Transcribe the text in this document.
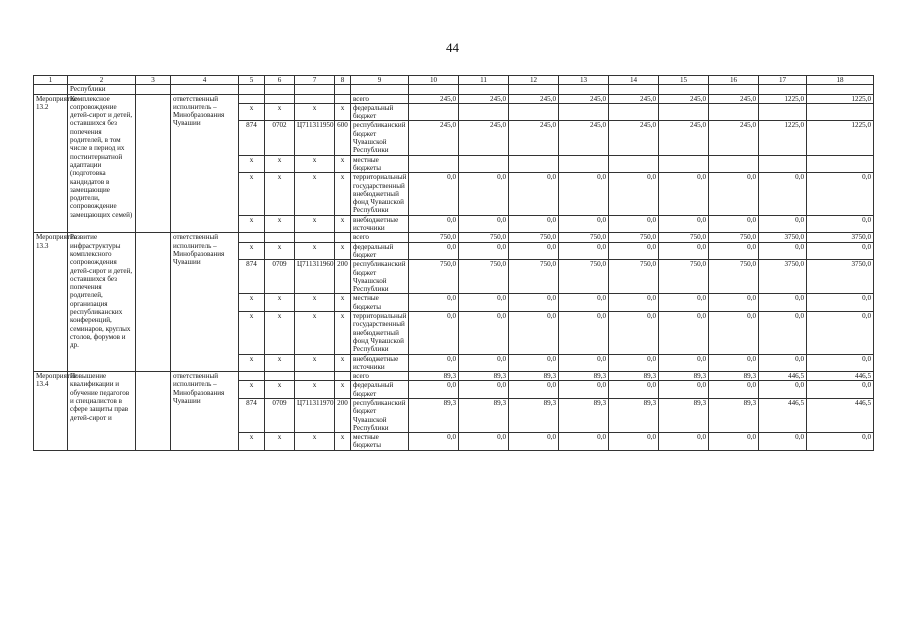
44
1	2	3	4	5	6	7	8	9	10	11	12	13	14	15	16	17	18
	Республики																
Мероприятие 13.2	Комплексное сопровождение детей-сирот и детей, оставшихся без попечения родителей, в том числе в период их постинтернатной адаптации (подготовка кандидатов в замещающие родители, сопровождение замещающих семей)		ответственный исполнитель – Минобразования Чувашии					всего	245,0	245,0	245,0	245,0	245,0	245,0	245,0	1225,0	1225,0
				x	x	x	x	федеральный бюджет									
				874	0702	Ц711311950	600	республиканский бюджет Чувашской Республики	245,0	245,0	245,0	245,0	245,0	245,0	245,0	1225,0	1225,0
				x	x	x	x	местные бюджеты									
				x	x	x	x	территориальный государственный внебюджетный фонд Чувашской Республики	0,0	0,0	0,0	0,0	0,0	0,0	0,0	0,0	0,0
				x	x	x	x	внебюджетные источники	0,0	0,0	0,0	0,0	0,0	0,0	0,0	0,0	0,0
Мероприятие 13.3	Развитие инфраструктуры комплексного сопровождения детей-сирот и детей, оставшихся без попечения родителей, организация республиканских конференций, семинаров, круглых столов, форумов и др.		ответственный исполнитель – Минобразования Чувашии					всего	750,0	750,0	750,0	750,0	750,0	750,0	750,0	3750,0	3750,0
				x	x	x	x	федеральный бюджет	0,0	0,0	0,0	0,0	0,0	0,0	0,0	0,0	0,0
				874	0709	Ц711311960	200	республиканский бюджет Чувашской Республики	750,0	750,0	750,0	750,0	750,0	750,0	750,0	3750,0	3750,0
				x	x	x	x	местные бюджеты	0,0	0,0	0,0	0,0	0,0	0,0	0,0	0,0	0,0
				x	x	x	x	территориальный государственный внебюджетный фонд Чувашской Республики	0,0	0,0	0,0	0,0	0,0	0,0	0,0	0,0	0,0
				x	x	x	x	внебюджетные источники	0,0	0,0	0,0	0,0	0,0	0,0	0,0	0,0	0,0
Мероприятие 13.4	Повышение квалификации и обучение педагогов и специалистов в сфере защиты прав детей-сирот и		ответственный исполнитель – Минобразования Чувашии					всего	89,3	89,3	89,3	89,3	89,3	89,3	89,3	446,5	446,5
				x	x	x	x	федеральный бюджет	0,0	0,0	0,0	0,0	0,0	0,0	0,0	0,0	0,0
				874	0709	Ц711311970	200	республиканский бюджет Чувашской Республики	89,3	89,3	89,3	89,3	89,3	89,3	89,3	446,5	446,5
				x	x	x	x	местные бюджеты	0,0	0,0	0,0	0,0	0,0	0,0	0,0	0,0	0,0
